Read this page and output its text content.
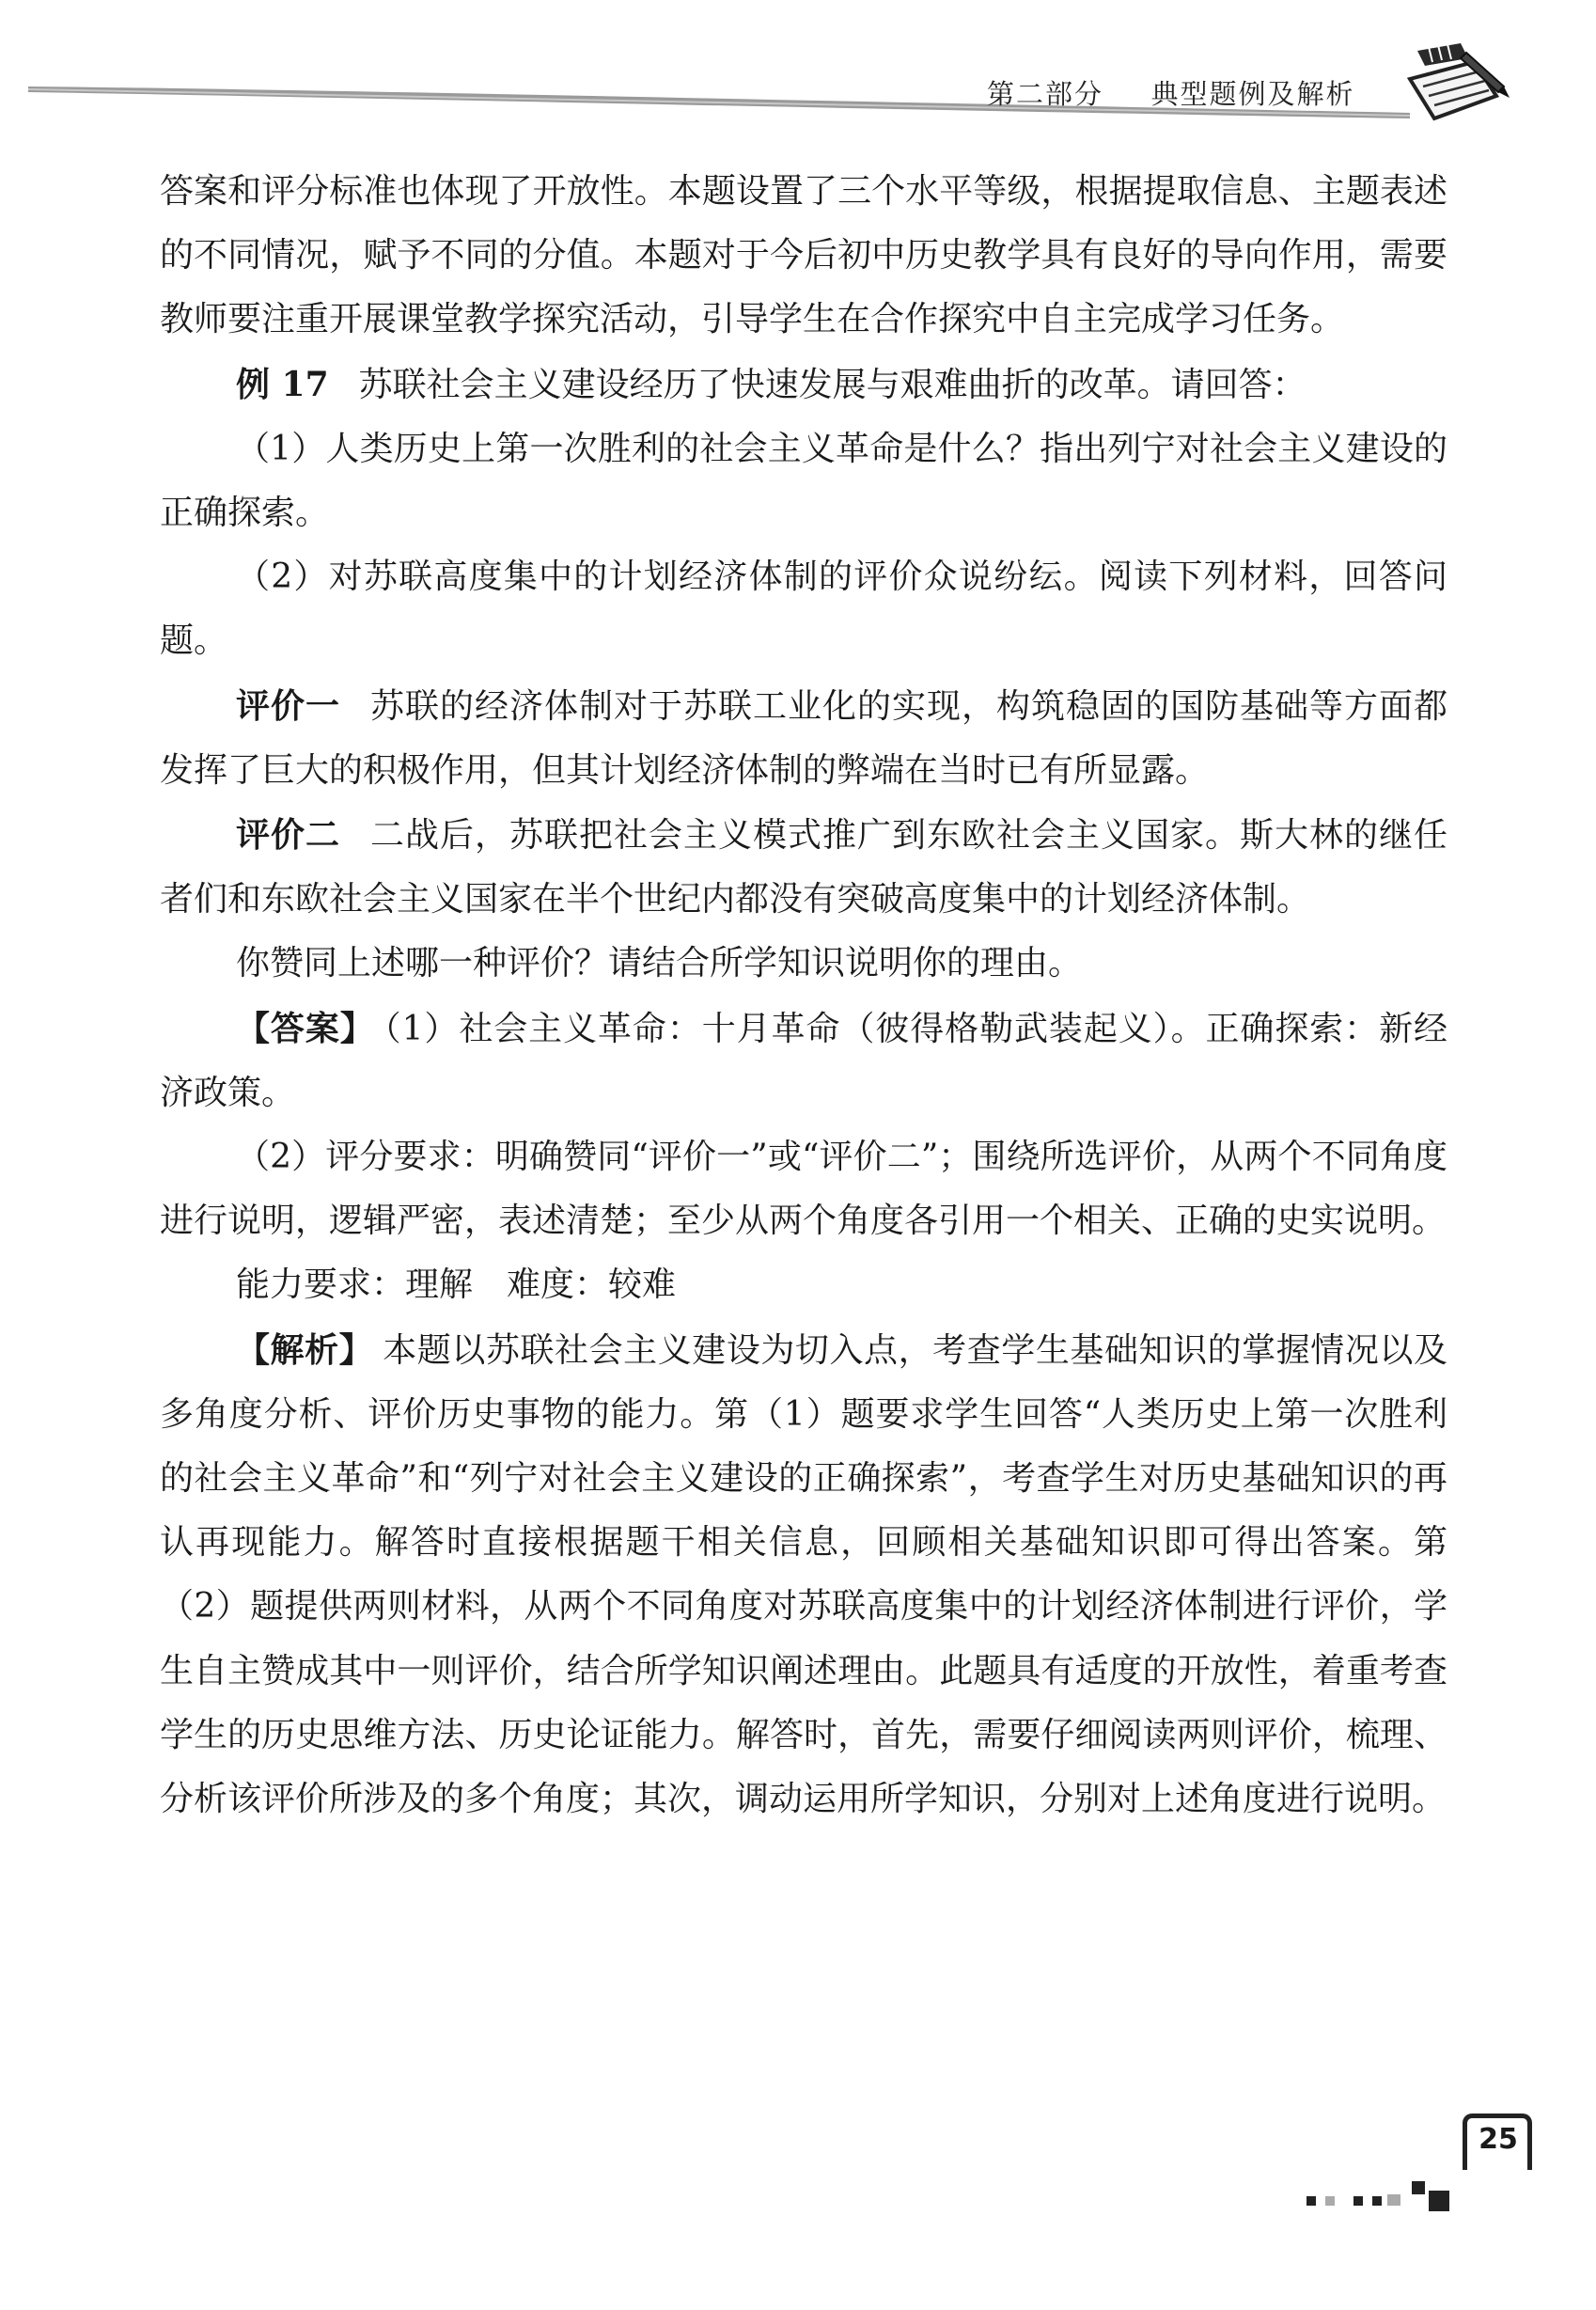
第二部分 典型题例及解析

答案和评分标准也体现了开放性。本题设置了三个水平等级，根据提取信息、主题表述的不同情况，赋予不同的分值。本题对于今后初中历史教学具有良好的导向作用，需要教师要注重开展课堂教学探究活动，引导学生在合作探究中自主完成学习任务。

例 17 苏联社会主义建设经历了快速发展与艰难曲折的改革。请回答：

（1）人类历史上第一次胜利的社会主义革命是什么？指出列宁对社会主义建设的正确探索。

（2）对苏联高度集中的计划经济体制的评价众说纷纭。阅读下列材料，回答问题。

评价一 苏联的经济体制对于苏联工业化的实现，构筑稳固的国防基础等方面都发挥了巨大的积极作用，但其计划经济体制的弊端在当时已有所显露。

评价二 二战后，苏联把社会主义模式推广到东欧社会主义国家。斯大林的继任者们和东欧社会主义国家在半个世纪内都没有突破高度集中的计划经济体制。

你赞同上述哪一种评价？请结合所学知识说明你的理由。

【答案】 （1）社会主义革命：十月革命（彼得格勒武装起义）。正确探索：新经济政策。

（2）评分要求：明确赞同“评价一”或“评价二”；围绕所选评价，从两个不同角度进行说明，逻辑严密，表述清楚；至少从两个角度各引用一个相关、正确的史实说明。

能力要求：理解　难度：较难

【解析】 本题以苏联社会主义建设为切入点，考查学生基础知识的掌握情况以及多角度分析、评价历史事物的能力。第（1）题要求学生回答“人类历史上第一次胜利的社会主义革命”和“列宁对社会主义建设的正确探索”，考查学生对历史基础知识的再认再现能力。解答时直接根据题干相关信息，回顾相关基础知识即可得出答案。第（2）题提供两则材料，从两个不同角度对苏联高度集中的计划经济体制进行评价，学生自主赞成其中一则评价，结合所学知识阐述理由。此题具有适度的开放性，着重考查学生的历史思维方法、历史论证能力。解答时，首先，需要仔细阅读两则评价，梳理、分析该评价所涉及的多个角度；其次，调动运用所学知识，分别对上述角度进行说明。

25
